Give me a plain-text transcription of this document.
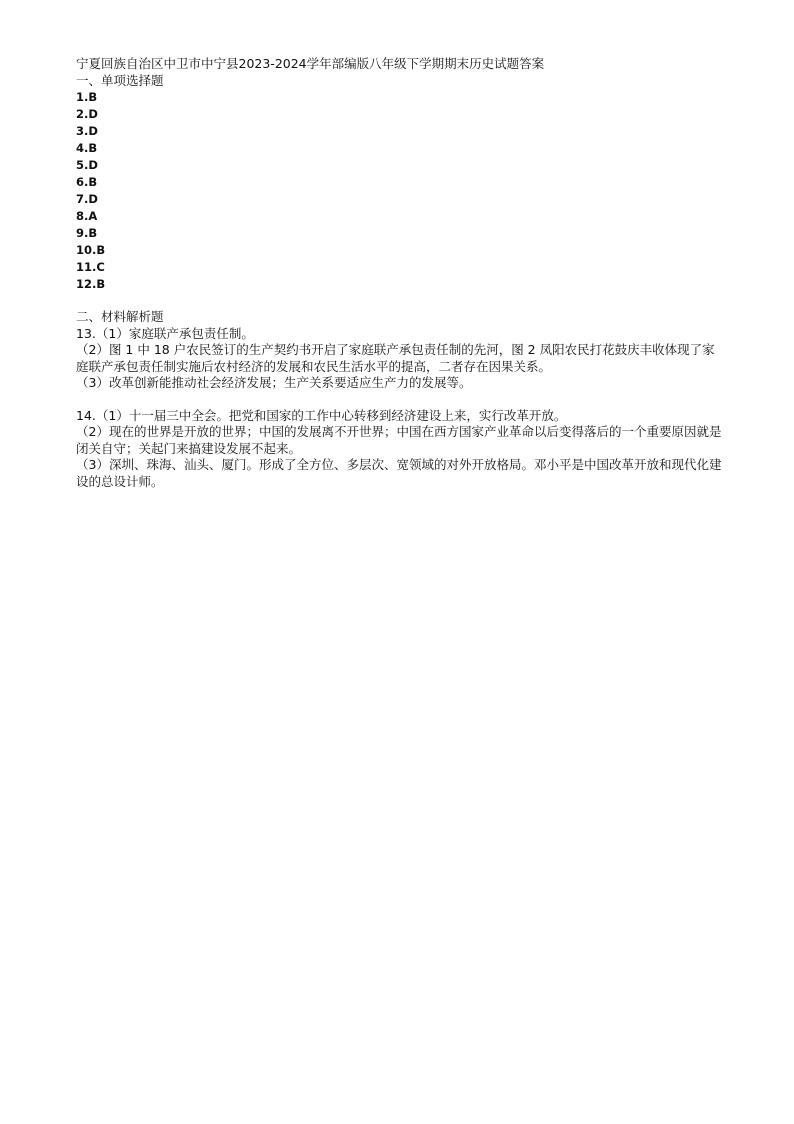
宁夏回族自治区中卫市中宁县2023-2024学年部编版八年级下学期期末历史试题答案
一、单项选择题
1.B
2.D
3.D
4.B
5.D
6.B
7.D
8.A
9.B
10.B
11.C
12.B
二、材料解析题
13.（1）家庭联产承包责任制。
（2）图 1 中 18 户农民签订的生产契约书开启了家庭联产承包责任制的先河，图 2 凤阳农民打花鼓庆丰收体现了家庭联产承包责任制实施后农村经济的发展和农民生活水平的提高，二者存在因果关系。
（3）改革创新能推动社会经济发展；生产关系要适应生产力的发展等。
14.（1）十一届三中全会。把党和国家的工作中心转移到经济建设上来，实行改革开放。
（2）现在的世界是开放的世界；中国的发展离不开世界；中国在西方国家产业革命以后变得落后的一个重要原因就是闭关自守；关起门来搞建设发展不起来。
（3）深圳、珠海、汕头、厦门。形成了全方位、多层次、宽领域的对外开放格局。邓小平是中国改革开放和现代化建设的总设计师。
